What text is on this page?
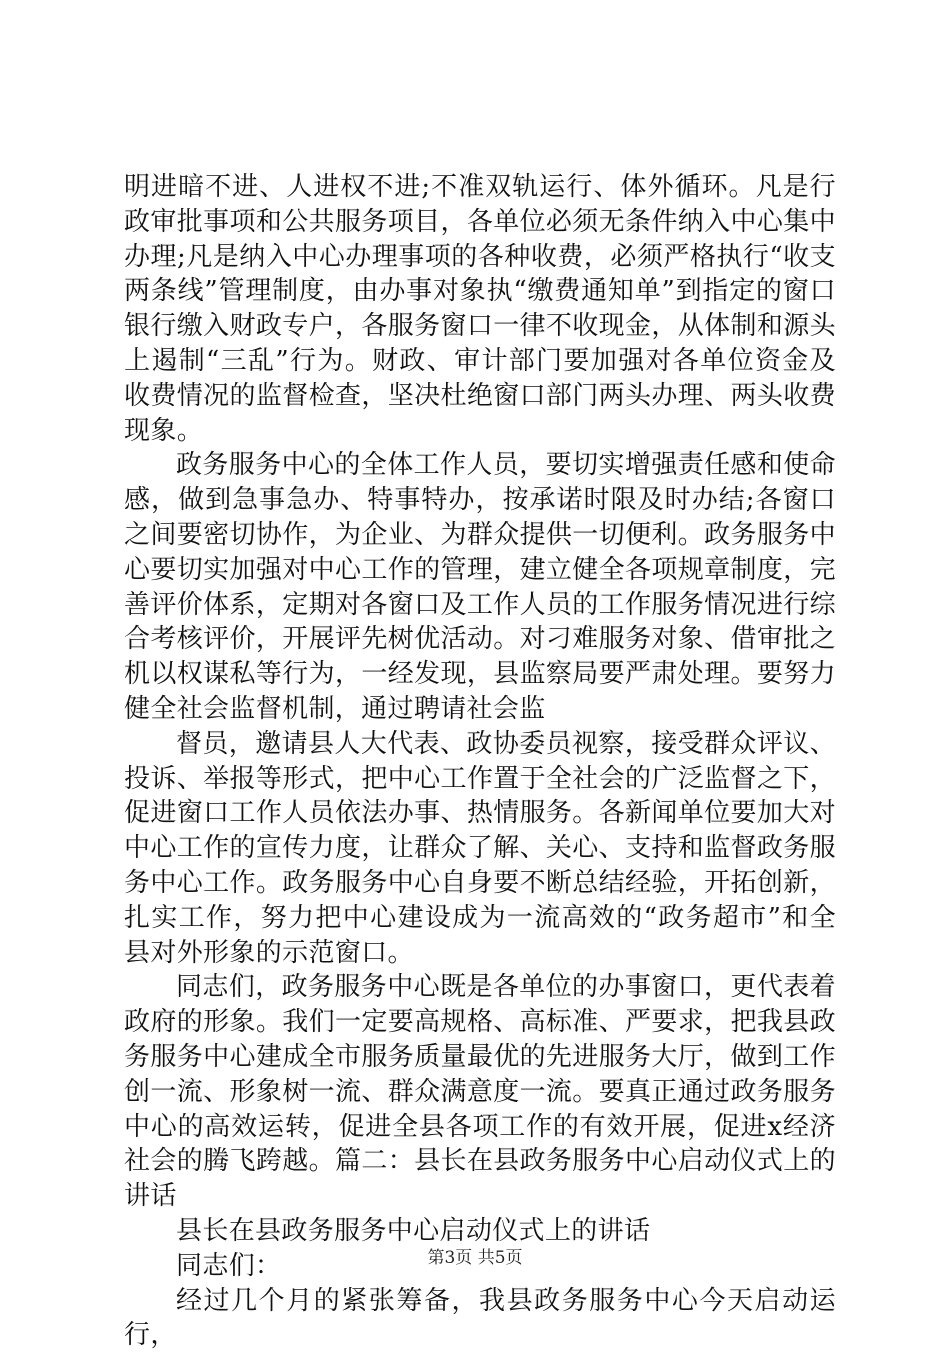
明进暗不进、人进权不进;不准双轨运行、体外循环。凡是行政审批事项和公共服务项目，各单位必须无条件纳入中心集中办理;凡是纳入中心办理事项的各种收费，必须严格执行“收支两条线”管理制度，由办事对象执“缴费通知单”到指定的窗口银行缴入财政专户，各服务窗口一律不收现金，从体制和源头上遏制“三乱”行为。财政、审计部门要加强对各单位资金及收费情况的监督检查，坚决杜绝窗口部门两头办理、两头收费现象。

政务服务中心的全体工作人员，要切实增强责任感和使命感，做到急事急办、特事特办，按承诺时限及时办结;各窗口之间要密切协作，为企业、为群众提供一切便利。政务服务中心要切实加强对中心工作的管理，建立健全各项规章制度，完善评价体系，定期对各窗口及工作人员的工作服务情况进行综合考核评价，开展评先树优活动。对刁难服务对象、借审批之机以权谋私等行为，一经发现，县监察局要严肃处理。要努力健全社会监督机制，通过聘请社会监

督员，邀请县人大代表、政协委员视察，接受群众评议、投诉、举报等形式，把中心工作置于全社会的广泛监督之下，促进窗口工作人员依法办事、热情服务。各新闻单位要加大对中心工作的宣传力度，让群众了解、关心、支持和监督政务服务中心工作。政务服务中心自身要不断总结经验，开拓创新，扎实工作，努力把中心建设成为一流高效的“政务超市”和全县对外形象的示范窗口。

同志们，政务服务中心既是各单位的办事窗口，更代表着政府的形象。我们一定要高规格、高标准、严要求，把我县政务服务中心建成全市服务质量最优的先进服务大厅，做到工作创一流、形象树一流、群众满意度一流。要真正通过政务服务中心的高效运转，促进全县各项工作的有效开展，促进x经济社会的腾飞跨越。篇二：县长在县政务服务中心启动仪式上的讲话

县长在县政务服务中心启动仪式上的讲话

同志们：

经过几个月的紧张筹备，我县政务服务中心今天启动运行，

第3页 共5页
